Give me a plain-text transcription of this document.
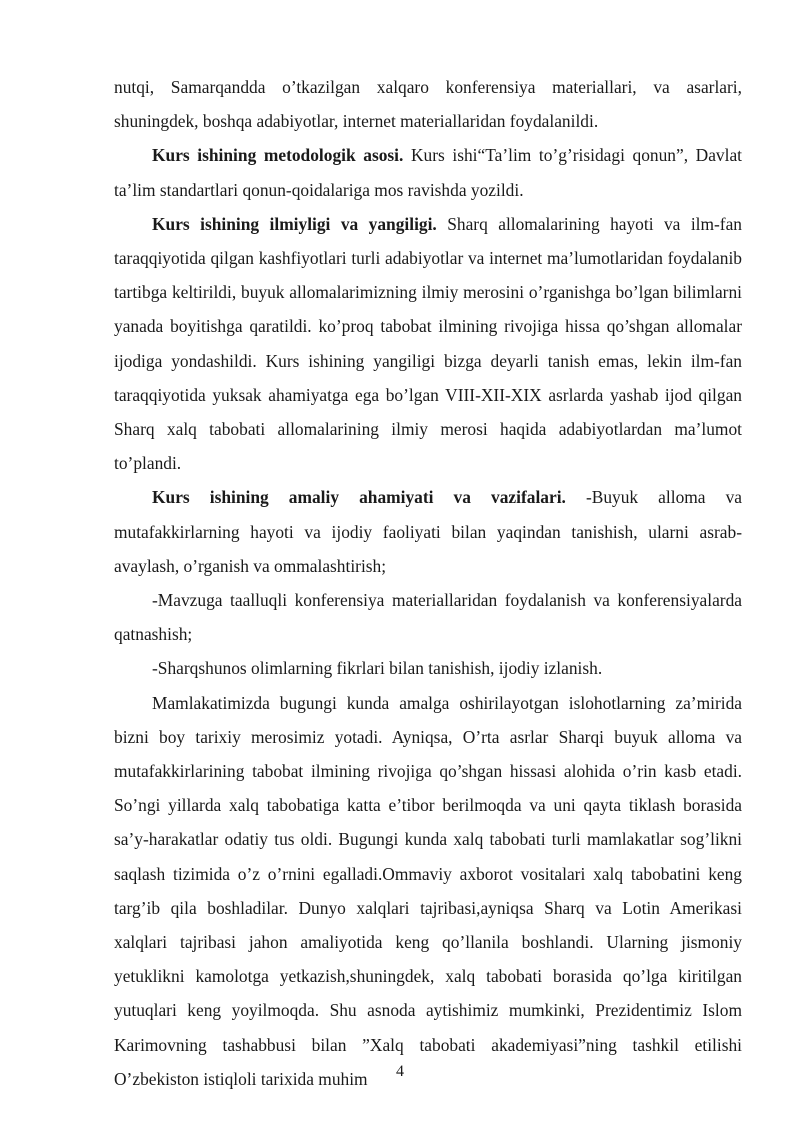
nutqi, Samarqandda o’tkazilgan xalqaro konferensiya materiallari, va asarlari, shuningdek, boshqa adabiyotlar, internet materiallaridan foydalanildi.

Kurs ishining metodologik asosi. Kurs ishi“Ta’lim to’g’risidagi qonun”, Davlat ta’lim standartlari qonun-qoidalariga mos ravishda yozildi.

Kurs ishining ilmiyligi va yangiligi. Sharq allomalarining hayoti va ilm-fan taraqqiyotida qilgan kashfiyotlari turli adabiyotlar va internet ma’lumotlaridan foydalanib tartibga keltirildi, buyuk allomalarimizning ilmiy merosini o’rganishga bo’lgan bilimlarni yanada boyitishga qaratildi. ko’proq tabobat ilmining rivojiga hissa qo’shgan allomalar ijodiga yondashildi. Kurs ishining yangiligi bizga deyarli tanish emas, lekin ilm-fan taraqqiyotida yuksak ahamiyatga ega bo’lgan VIII-XII-XIX asrlarda yashab ijod qilgan Sharq xalq tabobati allomalarining ilmiy merosi haqida adabiyotlardan ma’lumot to’plandi.

Kurs ishining amaliy ahamiyati va vazifalari. -Buyuk alloma va mutafakkirlarning hayoti va ijodiy faoliyati bilan yaqindan tanishish, ularni asrab-avaylash, o’rganish va ommalashtirish;

-Mavzuga taalluqli konferensiya materiallaridan foydalanish va konferensiyalarda qatnashish;

-Sharqshunos olimlarning fikrlari bilan tanishish, ijodiy izlanish.

Mamlakatimizda bugungi kunda amalga oshirilayotgan islohotlarning za’mirida bizni boy tarixiy merosimiz yotadi. Ayniqsa, O’rta asrlar Sharqi buyuk alloma va mutafakkirlarining tabobat ilmining rivojiga qo’shgan hissasi alohida o’rin kasb etadi. So’ngi yillarda xalq tabobatiga katta e’tibor berilmoqda va uni qayta tiklash borasida sa’y-harakatlar odatiy tus oldi. Bugungi kunda xalq tabobati turli mamlakatlar sog’likni saqlash tizimida o’z o’rnini egalladi.Ommaviy axborot vositalari xalq tabobatini keng targ’ib qila boshladilar. Dunyo xalqlari tajribasi,ayniqsa Sharq va Lotin Amerikasi xalqlari tajribasi jahon amaliyotida keng qo’llanila boshlandi. Ularning jismoniy yetuklikni kamolotga yetkazish,shuningdek, xalq tabobati borasida qo’lga kiritilgan yutuqlari keng yoyilmoqda. Shu asnoda aytishimiz mumkinki, Prezidentimiz Islom Karimovning tashabbusi bilan ”Xalq tabobati akademiyasi”ning tashkil etilishi O’zbekiston istiqloli tarixida muhim	4
